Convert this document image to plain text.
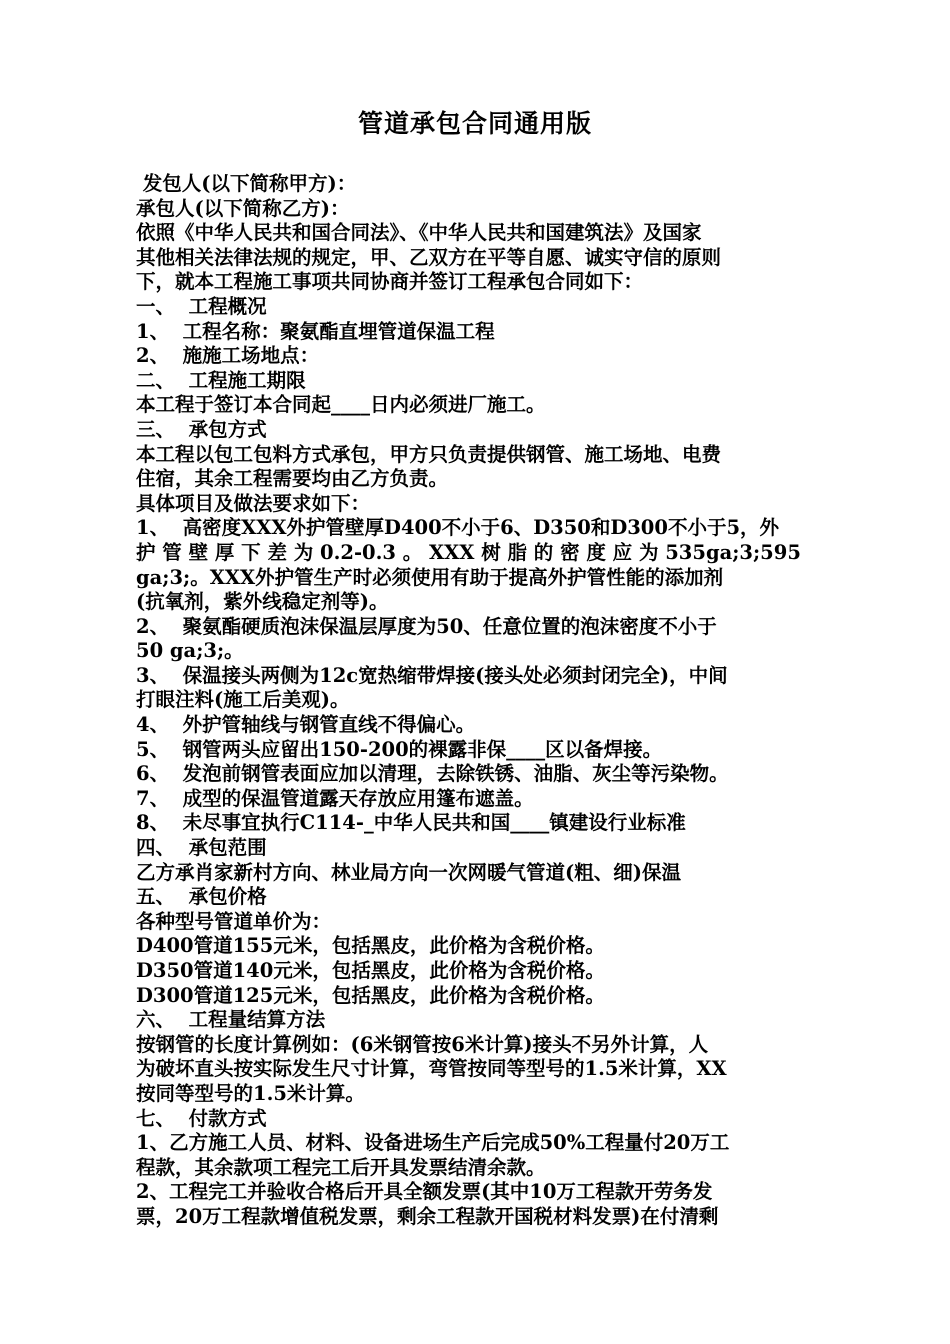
管道承包合同通用版

发包人(以下简称甲方)：

承包人(以下简称乙方)：

依照《中华人民共和国合同法》、《中华人民共和国建筑法》及国家

其他相关法律法规的规定，甲、乙双方在平等自愿、诚实守信的原则

下，就本工程施工事项共同协商并签订工程承包合同如下：

一、  工程概况

1、  工程名称：聚氨酯直埋管道保温工程

2、  施施工场地点：

二、  工程施工期限

本工程于签订本合同起____日内必须进厂施工。

三、  承包方式

本工程以包工包料方式承包，甲方只负责提供钢管、施工场地、电费

住宿，其余工程需要均由乙方负责。

具体项目及做法要求如下：

1、  高密度XXX外护管壁厚D400不小于6、D350和D300不小于5，外

护 管 壁 厚 下 差 为 0.2-0.3 。 XXX 树 脂 的 密 度 应 为 535ga;3;595

ga;3;。XXX外护管生产时必须使用有助于提高外护管性能的添加剂

(抗氧剂，紫外线稳定剂等)。

2、  聚氨酯硬质泡沫保温层厚度为50、任意位置的泡沫密度不小于

50 ga;3;。

3、  保温接头两侧为12c宽热缩带焊接(接头处必须封闭完全)，中间

打眼注料(施工后美观)。

4、  外护管轴线与钢管直线不得偏心。

5、  钢管两头应留出150-200的裸露非保____区以备焊接。

6、  发泡前钢管表面应加以清理，去除铁锈、油脂、灰尘等污染物。

7、  成型的保温管道露天存放应用篷布遮盖。

8、  未尽事宜执行C114-_中华人民共和国____镇建设行业标准

四、  承包范围

乙方承肖家新村方向、林业局方向一次网暖气管道(粗、细)保温

五、  承包价格

各种型号管道单价为：

D400管道155元米，包括黑皮，此价格为含税价格。

D350管道140元米，包括黑皮，此价格为含税价格。

D300管道125元米，包括黑皮，此价格为含税价格。

六、  工程量结算方法

按钢管的长度计算例如：(6米钢管按6米计算)接头不另外计算，人

为破坏直头按实际发生尺寸计算，弯管按同等型号的1.5米计算，XX

按同等型号的1.5米计算。

七、  付款方式

1、乙方施工人员、材料、设备进场生产后完成50%工程量付20万工

程款，其余款项工程完工后开具发票结清余款。

2、工程完工并验收合格后开具全额发票(其中10万工程款开劳务发

票，20万工程款增值税发票，剩余工程款开国税材料发票)在付清剩
